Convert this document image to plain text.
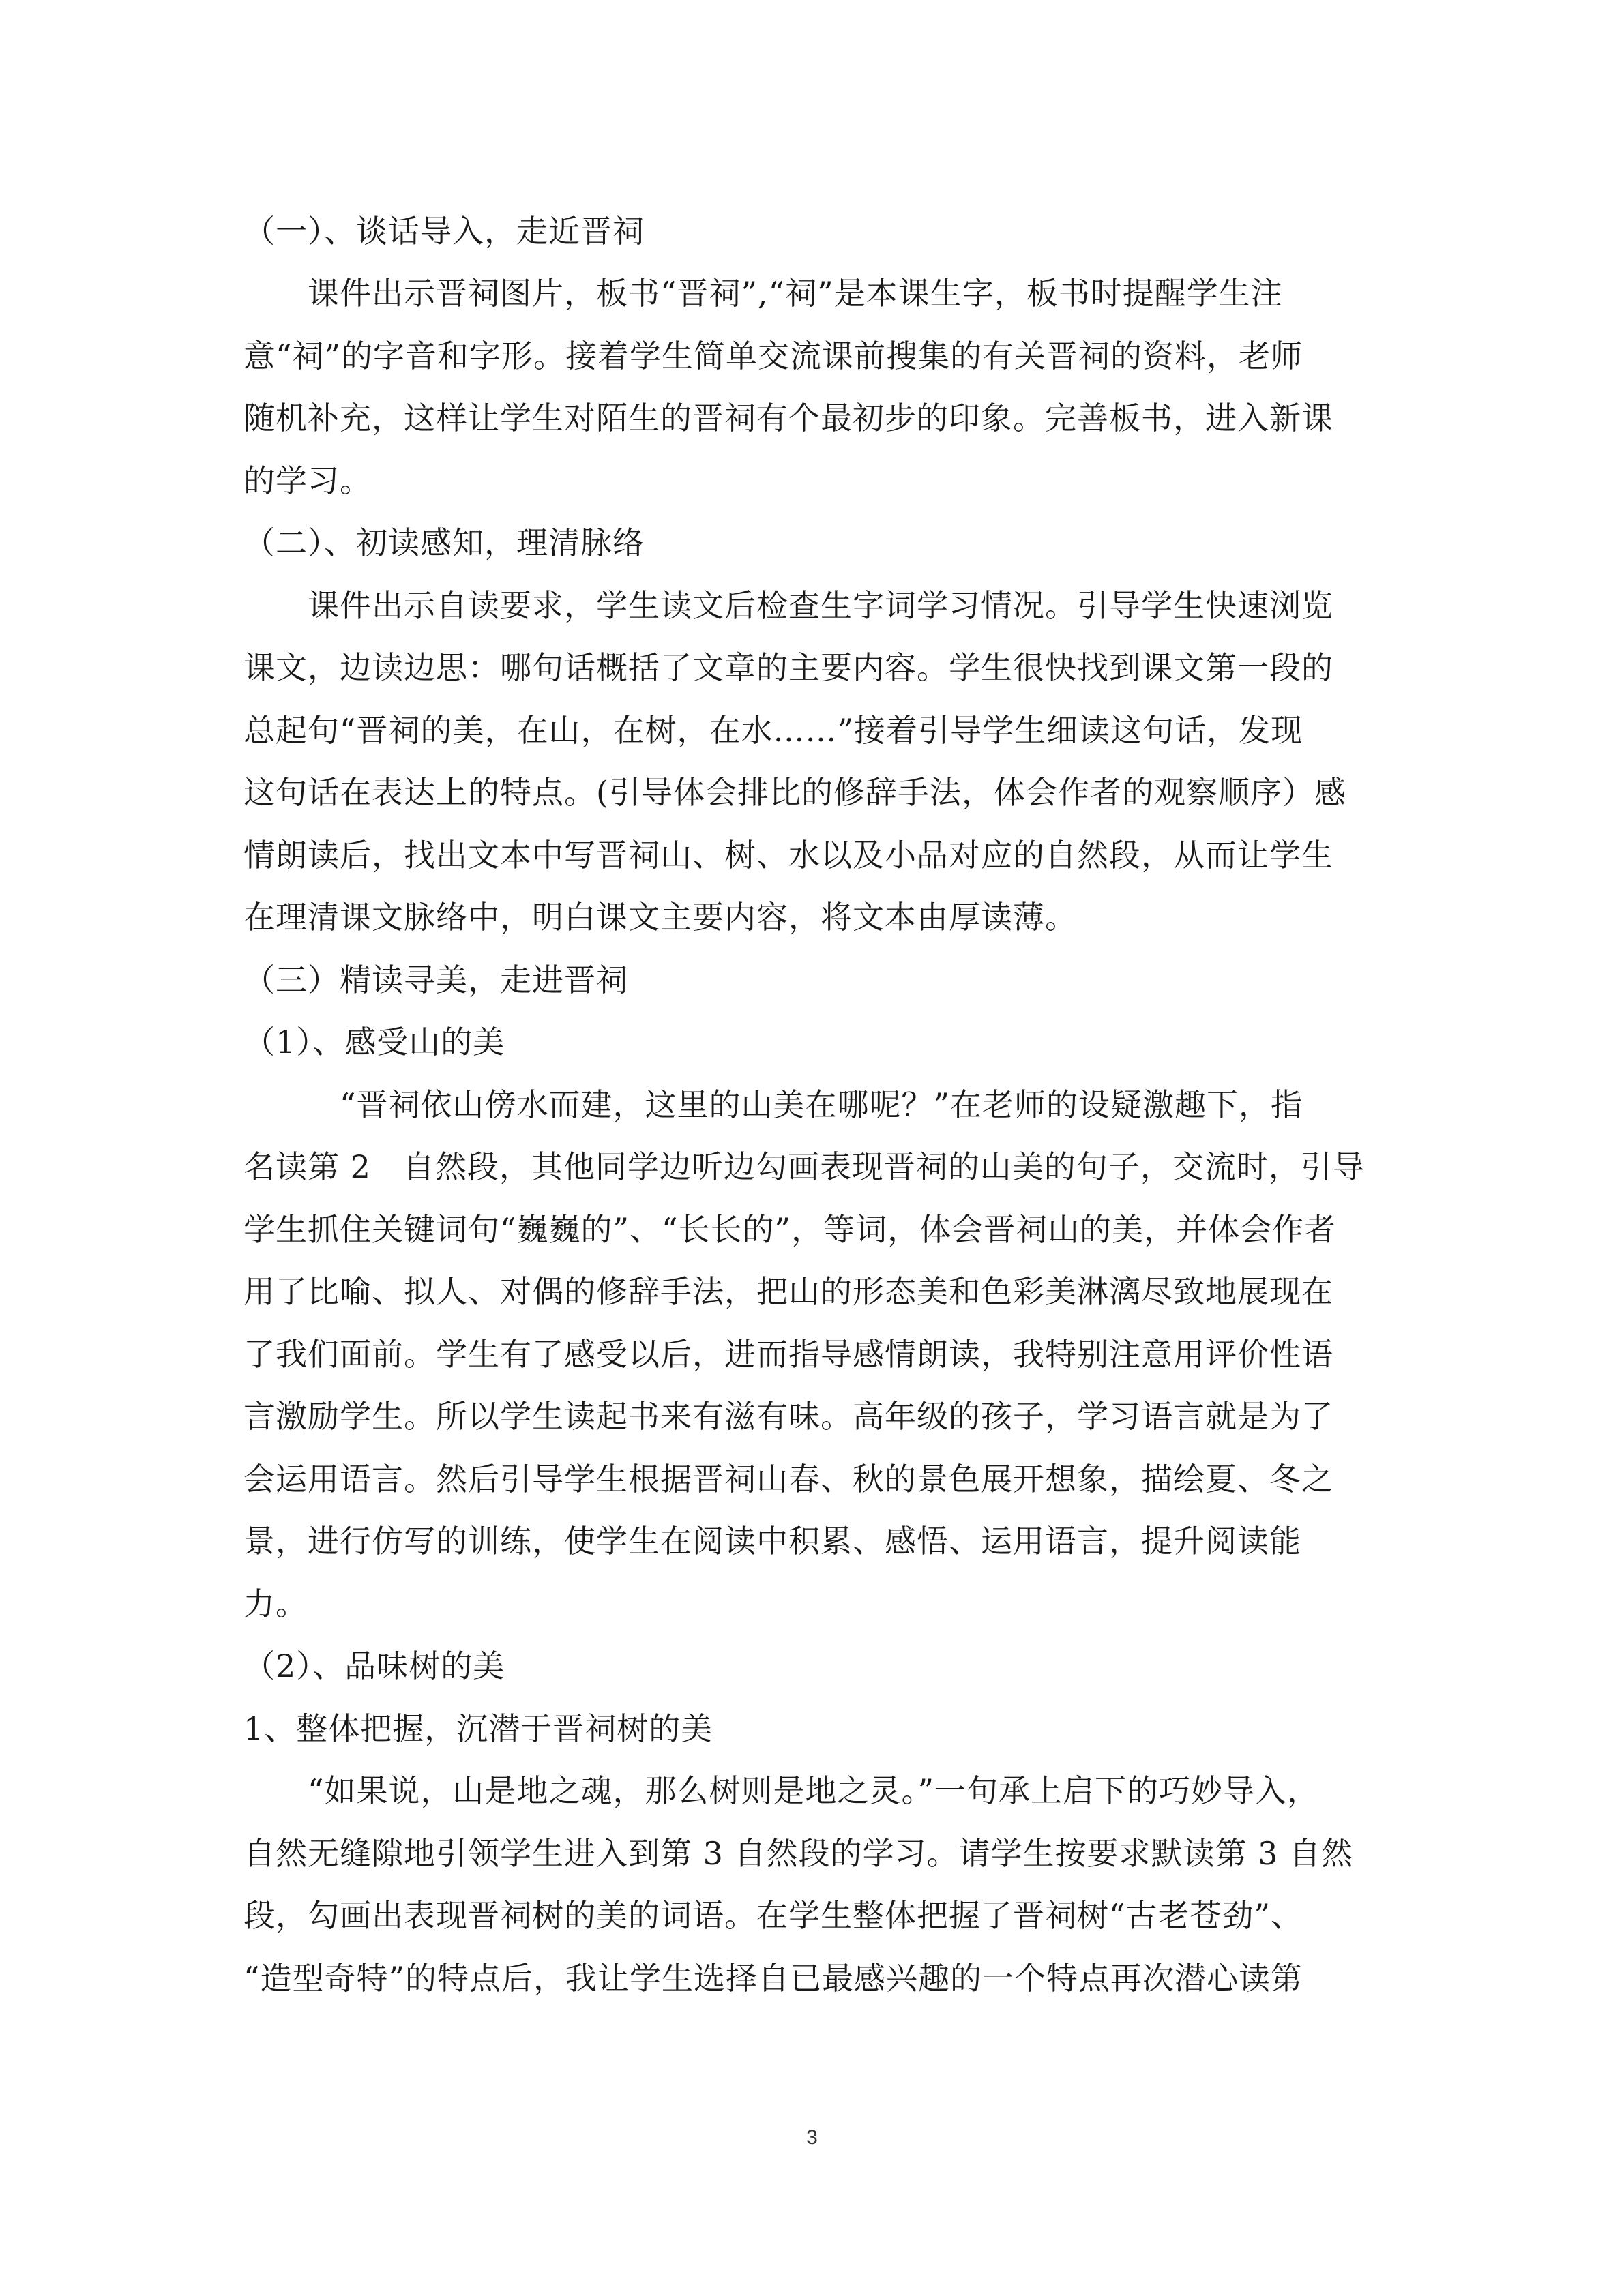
（一）、谈话导入，走近晋祠
　　课件出示晋祠图片，板书“晋祠”,“祠”是本课生字，板书时提醒学生注
意“祠”的字音和字形。接着学生简单交流课前搜集的有关晋祠的资料，老师
随机补充，这样让学生对陌生的晋祠有个最初步的印象。完善板书，进入新课
的学习。
（二）、初读感知，理清脉络
　　课件出示自读要求，学生读文后检查生字词学习情况。引导学生快速浏览
课文，边读边思：哪句话概括了文章的主要内容。学生很快找到课文第一段的
总起句“晋祠的美，在山，在树，在水……”接着引导学生细读这句话，发现
这句话在表达上的特点。(引导体会排比的修辞手法，体会作者的观察顺序）感
情朗读后，找出文本中写晋祠山、树、水以及小品对应的自然段，从而让学生
在理清课文脉络中，明白课文主要内容，将文本由厚读薄。
（三）精读寻美，走进晋祠
（1）、感受山的美
　　　“晋祠依山傍水而建，这里的山美在哪呢？”在老师的设疑激趣下，指
名读第 2　自然段，其他同学边听边勾画表现晋祠的山美的句子，交流时，引导
学生抓住关键词句“巍巍的”、“长长的”，等词，体会晋祠山的美，并体会作者
用了比喻、拟人、对偶的修辞手法，把山的形态美和色彩美淋漓尽致地展现在
了我们面前。学生有了感受以后，进而指导感情朗读，我特别注意用评价性语
言激励学生。所以学生读起书来有滋有味。高年级的孩子，学习语言就是为了
会运用语言。然后引导学生根据晋祠山春、秋的景色展开想象，描绘夏、冬之
景，进行仿写的训练，使学生在阅读中积累、感悟、运用语言，提升阅读能
力。
（2）、品味树的美
1、整体把握，沉潜于晋祠树的美
　　“如果说，山是地之魂，那么树则是地之灵。”一句承上启下的巧妙导入，
自然无缝隙地引领学生进入到第 3 自然段的学习。请学生按要求默读第 3 自然
段，勾画出表现晋祠树的美的词语。在学生整体把握了晋祠树“古老苍劲”、
“造型奇特”的特点后，我让学生选择自已最感兴趣的一个特点再次潜心读第
3
